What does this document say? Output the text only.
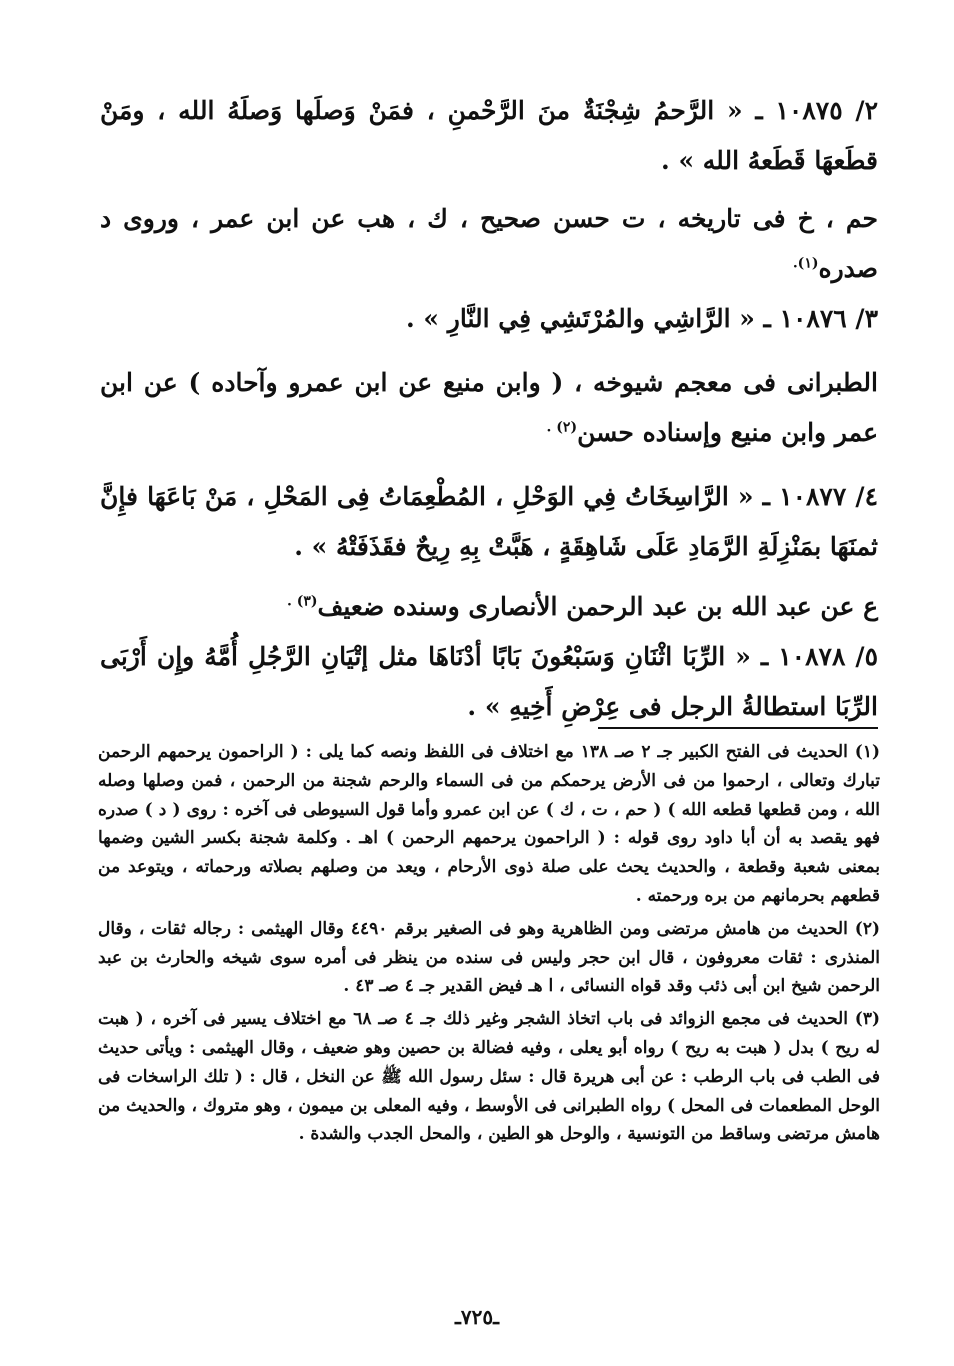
٢/ ١٠٨٧٥ ـ « الرَّحمُ شِجْنَةٌ منَ الرَّحْمنِ ، فمَنْ وَصلَها وَصلَهُ الله ، ومَنْ قطَعهَا قَطَعهُ الله » .

حم ، خ فى تاريخه ، ت حسن صحيح ، ك ، هب عن ابن عمر ، وروى د صدره$^{(١).}$

٣/ ١٠٨٧٦ ـ « الرَّاشِي والمُرْتَشِي فِي النَّارِ » .

الطبرانى فى معجم شيوخه ، ( وابن منيع عن ابن عمرو وآحاده ) عن ابن عمر وابن منيع وإسناده حسن$^{(٢) .}$

٤/ ١٠٨٧٧ ـ « الرَّاسِخَاتُ فِي الوَحْلِ ، المُطْعِمَاتُ فِى المَحْلِ ، مَنْ بَاعَهَا فإِنَّ ثمنَهَا بمَنْزِلَةِ الرَّمَادِ عَلَى شَاهِقَةٍ ، هَبَّتْ بِهِ رِيحٌ فقَذَفَتْهُ » .

ع عن عبد الله بن عبد الرحمن الأنصارى وسنده ضعيف$^{(٣) .}$

٥/ ١٠٨٧٨ ـ « الرِّبَا اثْنَانِ وَسَبْعُونَ بَابًا أدْنَاهَا مثل إتْيَانِ الرَّجُلِ أُمَّهُ وإِن أَرْبَى الرِّبَا استطالةُ الرجل فى عِرْضِ أَخِيهِ » .

(١) الحديث فى الفتح الكبير جـ ٢ صـ ١٣٨ مع اختلاف فى اللفظ ونصه كما يلى : ( الراحمون يرحمهم الرحمن تبارك وتعالى ، ارحموا من فى الأرض يرحمكم من فى السماء والرحم شجنة من الرحمن ، فمن وصلها وصله الله ، ومن قطعها قطعه الله ) ( حم ، ت ، ك ) عن ابن عمرو وأما قول السيوطى فى آخره : روى ( د ) صدره فهو يقصد به أن أبا داود روى قوله : ( الراحمون يرحمهم الرحمن ) اهـ . وكلمة شجنة بكسر الشين وضمها بمعنى شعبة وقطعة ، والحديث يحث على صلة ذوى الأرحام ، ويعد من وصلهم بصلاته ورحماته ، ويتوعد من قطعهم بحرمانهم من بره ورحمته .

(٢) الحديث من هامش مرتضى ومن الظاهرية وهو فى الصغير برقم ٤٤٩٠ وقال الهيثمى : رجاله ثقات ، وقال المنذرى : ثقات معروفون ، قال ابن حجر وليس فى سنده من ينظر فى أمره سوى شيخه والحارث بن عبد الرحمن شيخ ابن أبى ذئب وقد قواه النسائى ، ا هـ فيض القدير جـ ٤ صـ ٤٣ .

(٣) الحديث فى مجمع الزوائد فى باب اتخاذ الشجر وغير ذلك جـ ٤ صـ ٦٨ مع اختلاف يسير فى آخره ، ( هبت له ريح ) بدل ( هبت به ريح ) رواه أبو يعلى ، وفيه فضالة بن حصين وهو ضعيف ، وقال الهيثمى : ويأتى حديث فى الطب فى باب الرطب : عن أبى هريرة قال : سئل رسول الله ﷺ عن النخل ، قال : ( تلك الراسخات فى الوحل المطعمات فى المحل ) رواه الطبرانى فى الأوسط ، وفيه المعلى بن ميمون ، وهو متروك ، والحديث من هامش مرتضى وساقط من التونسية ، والوحل هو الطين ، والمحل الجدب والشدة .

ـ٧٢٥ـ
